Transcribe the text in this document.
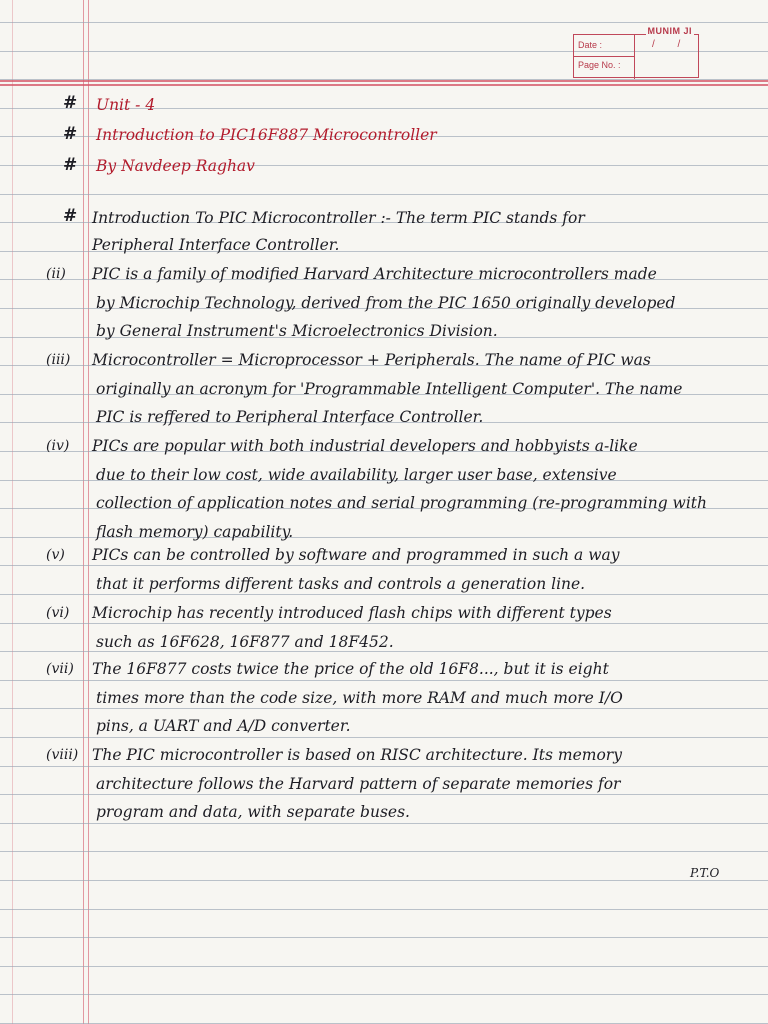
MUNIM JI
Date :
Page No. :
/ /
# Unit - 4
# Introduction to PIC16F887 Microcontroller
# By Navdeep Raghav
# Introduction To PIC Microcontroller :- The term PIC stands for
Peripheral Interface Controller.
(ii) PIC is a family of modified Harvard Architecture microcontrollers made
by Microchip Technology, derived from the PIC 1650 originally developed
by General Instrument's Microelectronics Division.
(iii) Microcontroller = Microprocessor + Peripherals. The name of PIC was
originally an acronym for 'Programmable Intelligent Computer'. The name
PIC is reffered to Peripheral Interface Controller.
(iv) PICs are popular with both industrial developers and hobbyists a-like
due to their low cost, wide availability, larger user base, extensive
collection of application notes and serial programming (re-programming with
flash memory) capability.
(v) PICs can be controlled by software and programmed in such a way
that it performs different tasks and controls a generation line.
(vi) Microchip has recently introduced flash chips with different types
such as 16F628, 16F877 and 18F452.
(vii) The 16F877 costs twice the price of the old 16F8..., but it is eight
times more than the code size, with more RAM and much more I/O
pins, a UART and A/D converter.
(viii) The PIC microcontroller is based on RISC architecture. Its memory
architecture follows the Harvard pattern of separate memories for
program and data, with separate buses.
P.T.O
